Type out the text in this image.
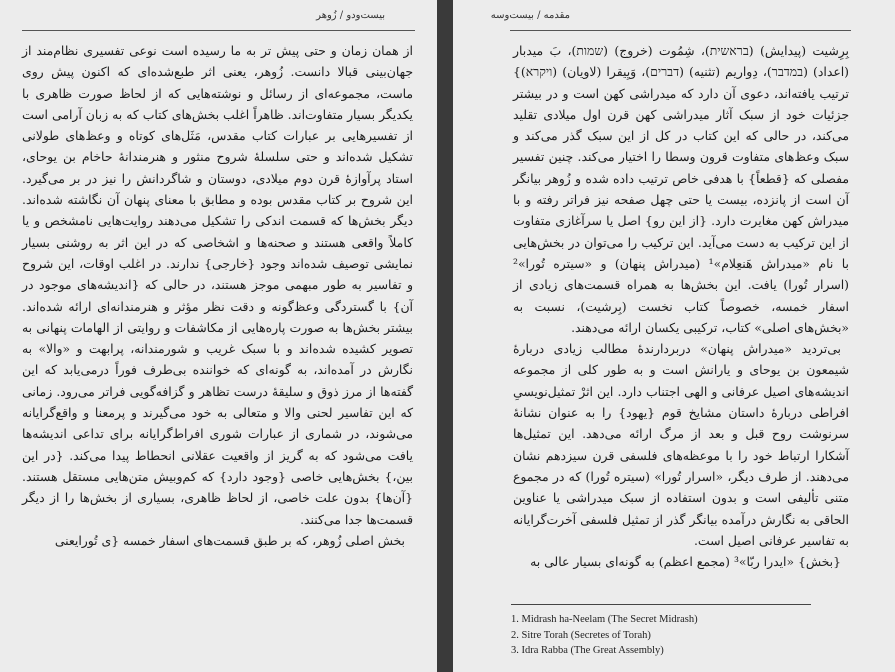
بیست‌ودو / زُوهر

از همان زمان و حتی پیش تر به ما رسیده است نوعی تفسیری نظام‌مند از جهان‌بینی قبالا دانست. زُوهر، یعنی اثر طبع‌شده‌ای که اکنون پیش روی ماست، مجموعه‌ای از رسائل و نوشته‌هایی که از لحاظ صورت ظاهری با یکدیگر بسیار متفاوت‌اند. ظاهراً اغلب بخش‌های کتاب که به زبان آرامی است از تفسیرهایی بر عبارات کتاب مقدس، مَثَل‌های کوتاه و وعظ‌های طولانی تشکیل شده‌اند و حتی سلسلهٔ شروح منثور و هنرمندانهٔ حاخام بن یوحای، استاد پرآوازهٔ قرن دوم میلادی، دوستان و شاگردانش را نیز در بر می‌گیرد. این شروح بر کتاب مقدس بوده و مطابق با معنای پنهان آن نگاشته شده‌اند. دیگر بخش‌ها که قسمت اندکی را تشکیل می‌دهند روایت‌هایی نامشخص و یا کاملاً واقعی هستند و صحنه‌ها و اشخاصی که در این اثر به روشنی بسیار نمایشی توصیف شده‌اند وجود {خارجی} ندارند. در اغلب اوقات، این شروح و تفاسیر به طور مبهمی موجز هستند، در حالی که {اندیشه‌های موجود در آن} با گستردگی وعظ‌گونه و دقت نظر مؤثر و هنرمندانه‌ای ارائه شده‌اند. بیشتر بخش‌ها به صورت پاره‌هایی از مکاشفات و روایتی از الهامات پنهانی به تصویر کشیده شده‌اند و با سبک غریب و شورمندانه، پرابهت و «والا» به نگارش در آمده‌اند، به گونه‌ای که خواننده بی‌طرف فوراً درمی‌یابد که این گفته‌ها از مرز ذوق و سلیقهٔ درست تظاهر و گزافه‌گویی فراتر می‌رود. زمانی که این تفاسیر لحنی والا و متعالی به خود می‌گیرند و پرمعنا و واقع‌گرایانه می‌شوند، در شماری از عبارات شوری افراط‌گرایانه برای تداعی اندیشه‌ها یافت می‌شود که به گریز از واقعیت عقلانی انحطاط پیدا می‌کند. {در این بین،} بخش‌هایی خاصی {وجود دارد} که کم‌وبیش متن‌هایی مستقل هستند. {آن‌ها} بدون علت خاصی، از لحاظ ظاهری، بسیاری از بخش‌ها را از دیگر قسمت‌ها جدا می‌کنند.

بخش اصلی زُوهر، که بر طبق قسمت‌های اسفار خمسه {ی تُورایعنی

مقدمه / بیست‌وسه

بِرِشیت (پیدایش) (בראשית)، شِمُوت (خروج) (שמות)، بَ میدبار (اعداد) (במדבר)، دِواریم (تثنیه) (דברים)، وَیِیقرا (لاویان) (ויקרא)} ترتیب یافته‌اند، دعوی آن دارد که میدراشی کهن است و در بیشتر جزئیات خود از سبک آثار میدراشی کهن قرن اول میلادی تقلید می‌کند، در حالی که این کتاب در کل از این سبک گذر می‌کند و سبک وعظ‌های متفاوت قرون وسطا را اختیار می‌کند. چنین تفسیر مفصلی که {قطعاً} با هدفی خاص ترتیب داده شده و زُوهر بیانگر آن است از پانزده، بیست یا حتی چهل صفحه نیز فراتر رفته و با میدراش کهن مغایرت دارد. {از این رو} اصل یا سرآغازی متفاوت از این ترکیب به دست می‌آید. این ترکیب را می‌توان در بخش‌هایی با نام «میدراش هَنعِلام»¹ (میدراش پنهان) و «سیتره تُورا»² (اسرار تُورا) یافت. این بخش‌ها به همراه قسمت‌های زیادی از اسفار خمسه، خصوصاً کتاب نخست (بِرشیت)، نسبت به «بخش‌های اصلی» کتاب، ترکیبی یکسان ارائه می‌دهند.

بی‌تردید «میدراش پنهان» دربردارندهٔ مطالب زیادی دربارهٔ شیمعون بن یوحای و یارانش است و به طور کلی از مجموعه اندیشه‌های اصیل عرفانی و الهی اجتناب دارد. این اثرْ تمثیل‌نویسیِ افراطی دربارهٔ داستان مشایخ قوم {یهود} را به عنوان نشانهٔ سرنوشت روح قبل و بعد از مرگ ارائه می‌دهد. این تمثیل‌ها آشکارا ارتباط خود را با موعظه‌های فلسفی قرن سیزدهم نشان می‌دهند. از طرف دیگر، «اسرار تُورا» (سیتره تُورا) که در مجموع متنی تألیفی است و بدون استفاده از سبک میدراشی یا عناوین الحاقی به نگارش درآمده بیانگر گذر از تمثیل فلسفی آخرت‌گرایانه به تفاسیر عرفانی اصیل است.

{بخش} «ایدرا ربّا»³ (مجمع اعظم) به گونه‌ای بسیار عالی به

1. Midrash ha-Neelam (The Secret Midrash)
2. Sitre Torah (Secretes of Torah)
3. Idra Rabba (The Great Assembly)
